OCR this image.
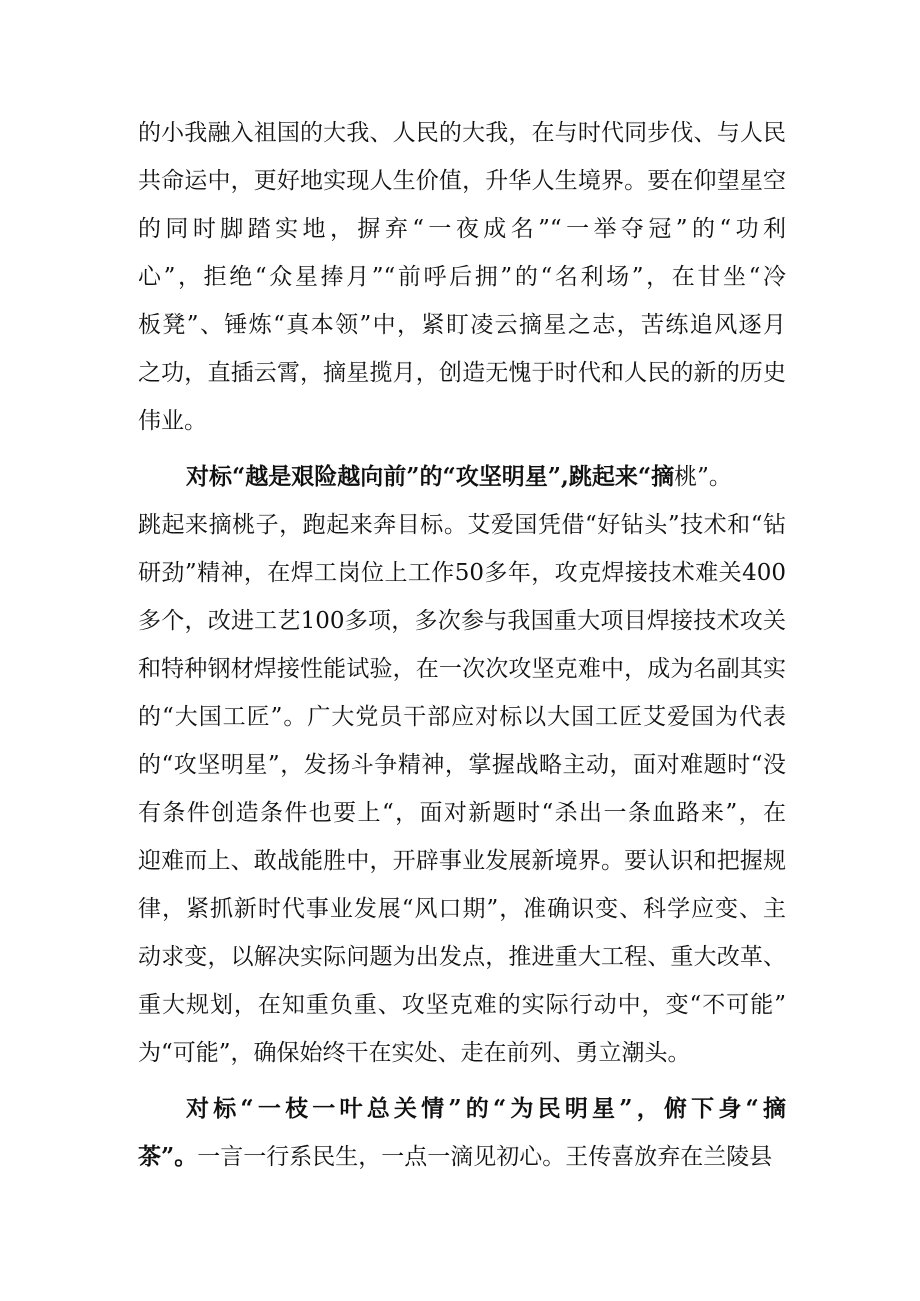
的小我融入祖国的大我、人民的大我，在与时代同步伐、与人民
共命运中，更好地实现人生价值，升华人生境界。要在仰望星空
的同时脚踏实地，摒弃“一夜成名”“一举夺冠”的“功利
心”，拒绝“众星捧月”“前呼后拥”的“名利场”，在甘坐“冷
板凳”、锤炼“真本领”中，紧盯凌云摘星之志，苦练追风逐月
之功，直插云霄，摘星揽月，创造无愧于时代和人民的新的历史
伟业。
对标“越是艰险越向前”的“攻坚明星”,跳起来“摘桃”。
跳起来摘桃子，跑起来奔目标。艾爱国凭借“好钻头”技术和“钻
研劲”精神，在焊工岗位上工作50多年，攻克焊接技术难关400
多个，改进工艺100多项，多次参与我国重大项目焊接技术攻关
和特种钢材焊接性能试验，在一次次攻坚克难中，成为名副其实
的“大国工匠”。广大党员干部应对标以大国工匠艾爱国为代表
的“攻坚明星”，发扬斗争精神，掌握战略主动，面对难题时“没
有条件创造条件也要上“，面对新题时“杀出一条血路来”，在
迎难而上、敢战能胜中，开辟事业发展新境界。要认识和把握规
律，紧抓新时代事业发展“风口期”，准确识变、科学应变、主
动求变，以解决实际问题为出发点，推进重大工程、重大改革、
重大规划，在知重负重、攻坚克难的实际行动中，变“不可能”
为“可能”，确保始终干在实处、走在前列、勇立潮头。
对标“一枝一叶总关情”的“为民明星”，俯下身“摘
茶”。一言一行系民生，一点一滴见初心。王传喜放弃在兰陵县
